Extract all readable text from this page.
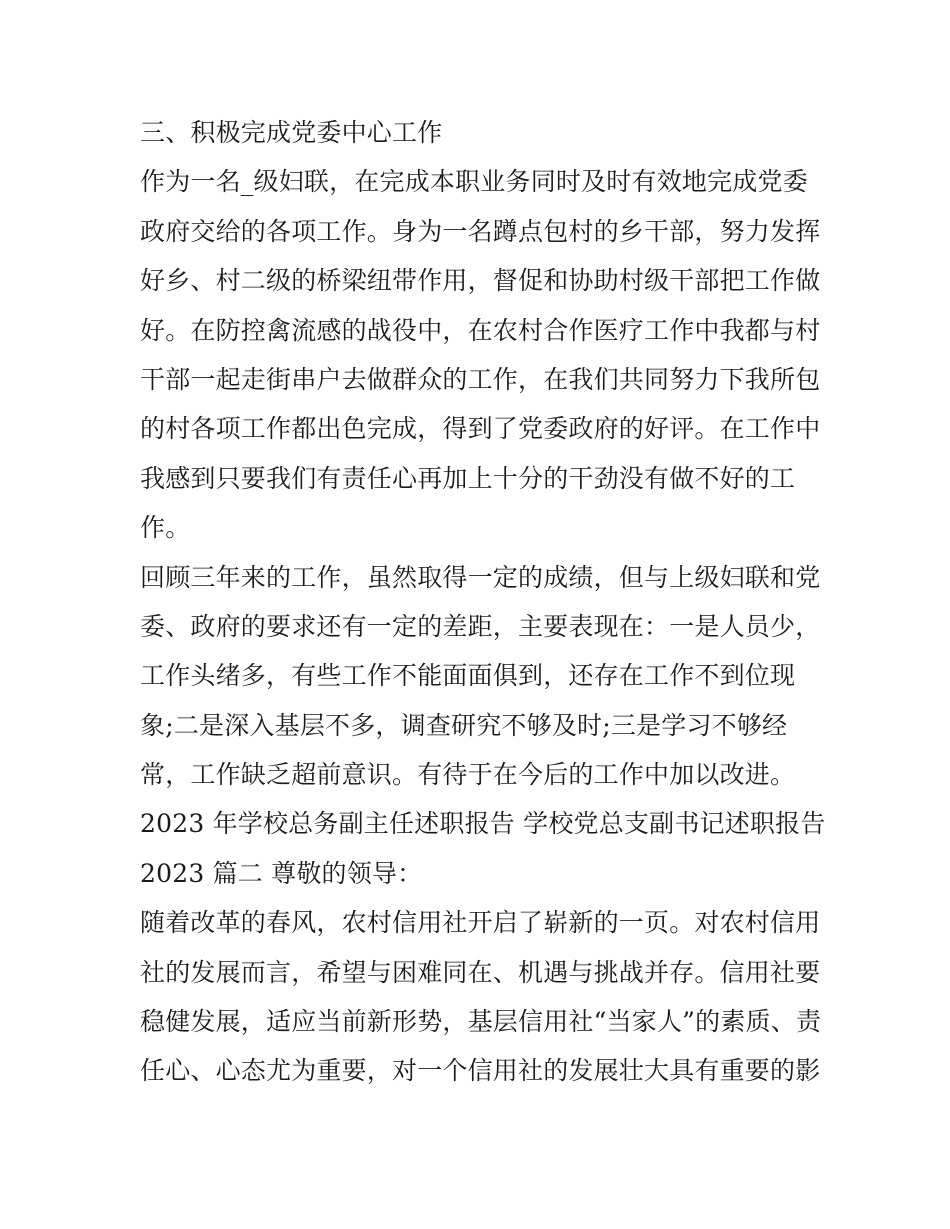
三、积极完成党委中心工作
作为一名_级妇联，在完成本职业务同时及时有效地完成党委
政府交给的各项工作。身为一名蹲点包村的乡干部，努力发挥
好乡、村二级的桥梁纽带作用，督促和协助村级干部把工作做
好。在防控禽流感的战役中，在农村合作医疗工作中我都与村
干部一起走街串户去做群众的工作，在我们共同努力下我所包
的村各项工作都出色完成，得到了党委政府的好评。在工作中
我感到只要我们有责任心再加上十分的干劲没有做不好的工
作。
回顾三年来的工作，虽然取得一定的成绩，但与上级妇联和党
委、政府的要求还有一定的差距，主要表现在：一是人员少，
工作头绪多，有些工作不能面面俱到，还存在工作不到位现
象;二是深入基层不多，调查研究不够及时;三是学习不够经
常，工作缺乏超前意识。有待于在今后的工作中加以改进。
2023 年学校总务副主任述职报告 学校党总支副书记述职报告
2023 篇二 尊敬的领导：
随着改革的春风，农村信用社开启了崭新的一页。对农村信用
社的发展而言，希望与困难同在、机遇与挑战并存。信用社要
稳健发展，适应当前新形势，基层信用社“当家人”的素质、责
任心、心态尤为重要，对一个信用社的发展壮大具有重要的影
